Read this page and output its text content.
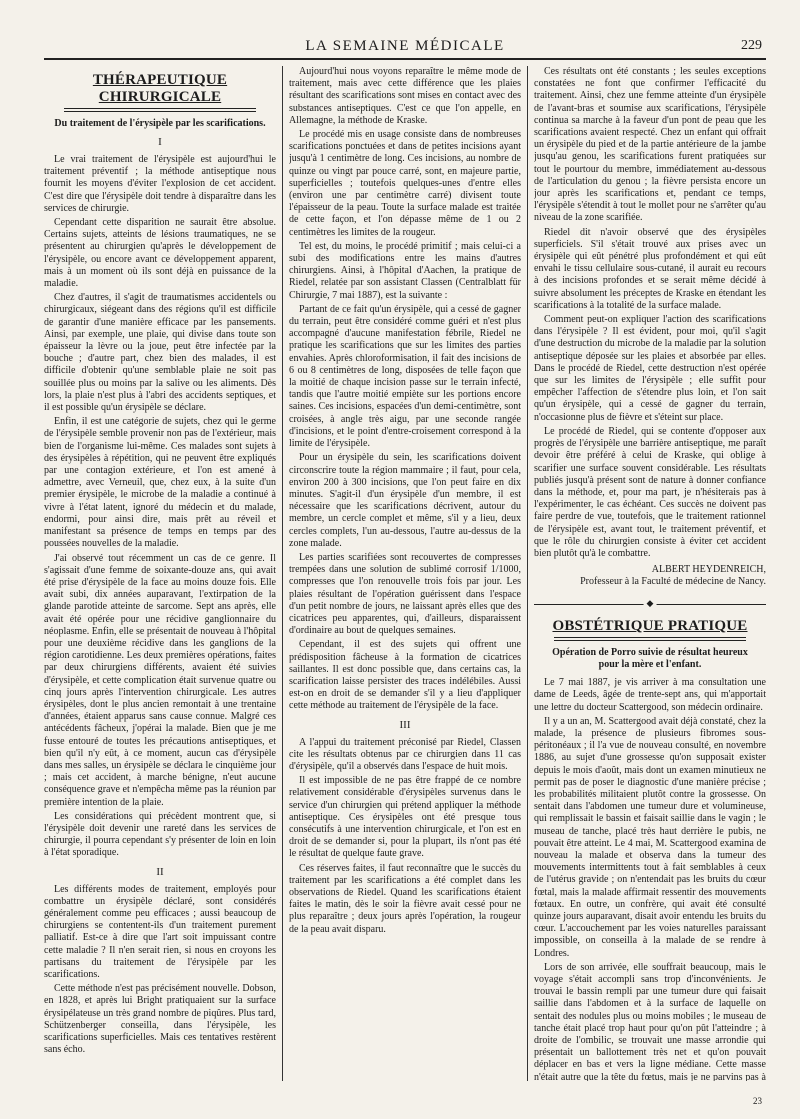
LA SEMAINE MÉDICALE	229
THÉRAPEUTIQUE CHIRURGICALE
Du traitement de l'érysipèle par les scarifications.
I

Le vrai traitement de l'érysipèle est aujourd'hui le traitement préventif ; la méthode antiseptique nous fournit les moyens d'éviter l'explosion de cet accident. C'est dire que l'érysipèle doit tendre à disparaître dans les services de chirurgie.

Cependant cette disparition ne saurait être absolue. Certains sujets, atteints de lésions traumatiques, ne se présentent au chirurgien qu'après le développement de l'érysipèle, ou encore avant ce développement apparent, mais à un moment où ils sont déjà en puissance de la maladie.

Chez d'autres, il s'agit de traumatismes accidentels ou chirurgicaux, siégeant dans des régions qu'il est difficile de garantir d'une manière efficace par les pansements. Ainsi, par exemple, une plaie, qui divise dans toute son épaisseur la lèvre ou la joue, peut être infectée par la bouche ; d'autre part, chez bien des malades, il est difficile d'obtenir qu'une semblable plaie ne soit pas souillée plus ou moins par la salive ou les aliments. Dès lors, la plaie n'est plus à l'abri des accidents septiques, et il est possible qu'un érysipèle se déclare.

Enfin, il est une catégorie de sujets, chez qui le germe de l'érysipèle semble provenir non pas de l'extérieur, mais bien de l'organisme lui-même. Ces malades sont sujets à des érysipèles à répétition, qui ne peuvent être expliqués par une contagion extérieure, et l'on est amené à admettre, avec Verneuil, que, chez eux, à la suite d'un premier érysipèle, le microbe de la maladie a continué à vivre à l'état latent, ignoré du médecin et du malade, endormi, pour ainsi dire, mais prêt au réveil et manifestant sa présence de temps en temps par des poussées nouvelles de la maladie.

J'ai observé tout récemment un cas de ce genre. Il s'agissait d'une femme de soixante-douze ans, qui avait été prise d'érysipèle de la face au moins douze fois. Elle avait subi, dix années auparavant, l'extirpation de la glande parotide atteinte de sarcome. Sept ans après, elle avait été opérée pour une récidive ganglionnaire du néoplasme. Enfin, elle se présentait de nouveau à l'hôpital pour une deuxième récidive dans les ganglions de la région carotidienne. Les deux premières opérations, faites par deux chirurgiens différents, avaient été suivies d'érysipèle, et cette complication était survenue quatre ou cinq jours après l'intervention chirurgicale. Les autres érysipèles, dont le plus ancien remontait à une trentaine d'années, étaient apparus sans cause connue. Malgré ces antécédents fâcheux, j'opérai la malade. Bien que je me fusse entouré de toutes les précautions antiseptiques, et bien qu'il n'y eût, à ce moment, aucun cas d'érysipèle dans mes salles, un érysipèle se déclara le cinquième jour ; mais cet accident, à marche bénigne, n'eut aucune conséquence grave et n'empêcha même pas la réunion par première intention de la plaie.

Les considérations qui précèdent montrent que, si l'érysipèle doit devenir une rareté dans les services de chirurgie, il pourra cependant s'y présenter de loin en loin à l'état sporadique.

II

Les différents modes de traitement, employés pour combattre un érysipèle déclaré, sont considérés généralement comme peu efficaces ; aussi beaucoup de chirurgiens se contentent-ils d'un traitement purement palliatif. Est-ce à dire que l'art soit impuissant contre cette maladie ? Il n'en serait rien, si nous en croyons les partisans du traitement de l'érysipèle par les scarifications.

Cette méthode n'est pas précisément nouvelle. Dobson, en 1828, et après lui Bright pratiquaient sur la surface érysipélateuse un très grand nombre de piqûres. Plus tard, Schützenberger conseilla, dans l'érysipèle, les scarifications superficielles. Mais ces tentatives restèrent sans écho.

Aujourd'hui nous voyons reparaître le même mode de traitement, mais avec cette différence que les plaies résultant des scarifications sont mises en contact avec des substances antiseptiques. C'est ce que l'on appelle, en Allemagne, la méthode de Kraske.

Le procédé mis en usage consiste dans de nombreuses scarifications ponctuées et dans de petites incisions ayant jusqu'à 1 centimètre de long. Ces incisions, au nombre de quinze ou vingt par pouce carré, sont, en majeure partie, superficielles ; toutefois quelques-unes d'entre elles (environ une par centimètre carré) divisent toute l'épaisseur de la peau. Toute la surface malade est traitée de cette façon, et l'on dépasse même de 1 ou 2 centimètres les limites de la rougeur.

Tel est, du moins, le procédé primitif ; mais celui-ci a subi des modifications entre les mains d'autres chirurgiens. Ainsi, à l'hôpital d'Aachen, la pratique de Riedel, relatée par son assistant Classen (Centralblatt für Chirurgie, 7 mai 1887), est la suivante :

Partant de ce fait qu'un érysipèle, qui a cessé de gagner du terrain, peut être considéré comme guéri et n'est plus accompagné d'aucune manifestation fébrile, Riedel ne pratique les scarifications que sur les limites des parties envahies. Après chloroformisation, il fait des incisions de 6 ou 8 centimètres de long, disposées de telle façon que la moitié de chaque incision passe sur le terrain infecté, tandis que l'autre moitié empiète sur les portions encore saines. Ces incisions, espacées d'un demi-centimètre, sont croisées, à angle très aigu, par une seconde rangée d'incisions, et le point d'entre-croisement correspond à la limite de l'érysipèle.

Pour un érysipèle du sein, les scarifications doivent circonscrire toute la région mammaire ; il faut, pour cela, environ 200 à 300 incisions, que l'on peut faire en dix minutes. S'agit-il d'un érysipèle d'un membre, il est nécessaire que les scarifications décrivent, autour du membre, un cercle complet et même, s'il y a lieu, deux cercles complets, l'un au-dessous, l'autre au-dessus de la zone malade.

Les parties scarifiées sont recouvertes de compresses trempées dans une solution de sublimé corrosif 1/1000, compresses que l'on renouvelle trois fois par jour. Les plaies résultant de l'opération guérissent dans l'espace d'un petit nombre de jours, ne laissant après elles que des cicatrices peu apparentes, qui, d'ailleurs, disparaissent d'ordinaire au bout de quelques semaines.

Cependant, il est des sujets qui offrent une prédisposition fâcheuse à la formation de cicatrices saillantes. Il est donc possible que, dans certains cas, la scarification laisse persister des traces indélébiles. Aussi est-on en droit de se demander s'il y a lieu d'appliquer cette méthode au traitement de l'érysipèle de la face.

III

A l'appui du traitement préconisé par Riedel, Classen cite les résultats obtenus par ce chirurgien dans 11 cas d'érysipèle, qu'il a observés dans l'espace de huit mois.

Il est impossible de ne pas être frappé de ce nombre relativement considérable d'érysipèles survenus dans le service d'un chirurgien qui prétend appliquer la méthode antiseptique. Ces érysipèles ont été presque tous consécutifs à une intervention chirurgicale, et l'on est en droit de se demander si, pour la plupart, ils n'ont pas été le résultat de quelque faute grave.

Ces réserves faites, il faut reconnaître que le succès du traitement par les scarifications a été complet dans les observations de Riedel. Quand les scarifications étaient faites le matin, dès le soir la fièvre avait cessé pour ne plus reparaître ; deux jours après l'opération, la rougeur de la peau avait disparu.

Ces résultats ont été constants ; les seules exceptions constatées ne font que confirmer l'efficacité du traitement. Ainsi, chez une femme atteinte d'un érysipèle de l'avant-bras et soumise aux scarifications, l'érysipèle continua sa marche à la faveur d'un pont de peau que les scarifications avaient respecté. Chez un enfant qui offrait un érysipèle du pied et de la partie antérieure de la jambe jusqu'au genou, les scarifications furent pratiquées sur tout le pourtour du membre, immédiatement au-dessous de l'articulation du genou ; la fièvre persista encore un jour après les scarifications et, pendant ce temps, l'érysipèle s'étendit à tout le mollet pour ne s'arrêter qu'au niveau de la zone scarifiée.

Riedel dit n'avoir observé que des érysipèles superficiels. S'il s'était trouvé aux prises avec un érysipèle qui eût pénétré plus profondément et qui eût envahi le tissu cellulaire sous-cutané, il aurait eu recours à des incisions profondes et se serait même décidé à suivre absolument les préceptes de Kraske en étendant les scarifications à la totalité de la surface malade.

Comment peut-on expliquer l'action des scarifications dans l'érysipèle ? Il est évident, pour moi, qu'il s'agit d'une destruction du microbe de la maladie par la solution antiseptique déposée sur les plaies et absorbée par elles. Dans le procédé de Riedel, cette destruction n'est opérée que sur les limites de l'érysipèle ; elle suffit pour empêcher l'affection de s'étendre plus loin, et l'on sait qu'un érysipèle, qui a cessé de gagner du terrain, n'occasionne plus de fièvre et s'éteint sur place.

Le procédé de Riedel, qui se contente d'opposer aux progrès de l'érysipèle une barrière antiseptique, me paraît devoir être préféré à celui de Kraske, qui oblige à scarifier une surface souvent considérable. Les résultats publiés jusqu'à présent sont de nature à donner confiance dans la méthode, et, pour ma part, je n'hésiterais pas à l'expérimenter, le cas échéant. Ces succès ne doivent pas faire perdre de vue, toutefois, que le traitement rationnel de l'érysipèle est, avant tout, le traitement préventif, et que le rôle du chirurgien consiste à éviter cet accident bien plutôt qu'à le combattre.

ALBERT HEYDENREICH,
Professeur à la Faculté de médecine de Nancy.
◆
OBSTÉTRIQUE PRATIQUE
Opération de Porro suivie de résultat heureux pour la mère et l'enfant.

Le 7 mai 1887, je vis arriver à ma consultation une dame de Leeds, âgée de trente-sept ans, qui m'apportait une lettre du docteur Scattergood, son médecin ordinaire.

Il y a un an, M. Scattergood avait déjà constaté, chez la malade, la présence de plusieurs fibromes sous-péritonéaux ; il l'a vue de nouveau consulté, en novembre 1886, au sujet d'une grossesse qu'on supposait exister depuis le mois d'août, mais dont un examen minutieux ne permit pas de poser le diagnostic d'une manière précise ; les probabilités militaient plutôt contre la grossesse. On sentait dans l'abdomen une tumeur dure et volumineuse, qui remplissait le bassin et faisait saillie dans le vagin ; le museau de tanche, placé très haut derrière le pubis, ne pouvait être atteint. Le 4 mai, M. Scattergood examina de nouveau la malade et observa dans la tumeur des mouvements intermittents tout à fait semblables à ceux de l'utérus gravide ; on n'entendait pas les bruits du cœur fœtal, mais la malade affirmait ressentir des mouvements fœtaux. En outre, un confrère, qui avait été consulté quinze jours auparavant, disait avoir entendu les bruits du cœur. L'accouchement par les voies naturelles paraissant impossible, on conseilla à la malade de se rendre à Londres.

Lors de son arrivée, elle souffrait beaucoup, mais le voyage s'était accompli sans trop d'inconvénients. Je trouvai le bassin rempli par une tumeur dure qui faisait saillie dans l'abdomen et à la surface de laquelle on sentait des nodules plus ou moins mobiles ; le museau de tanche était placé trop haut pour qu'on pût l'atteindre ; à droite de l'ombilic, se trouvait une masse arrondie qui présentait un ballottement très net et qu'on pouvait déplacer en bas et vers la ligne médiane. Cette masse n'était autre que la tête du fœtus, mais je ne parvins pas à

23
